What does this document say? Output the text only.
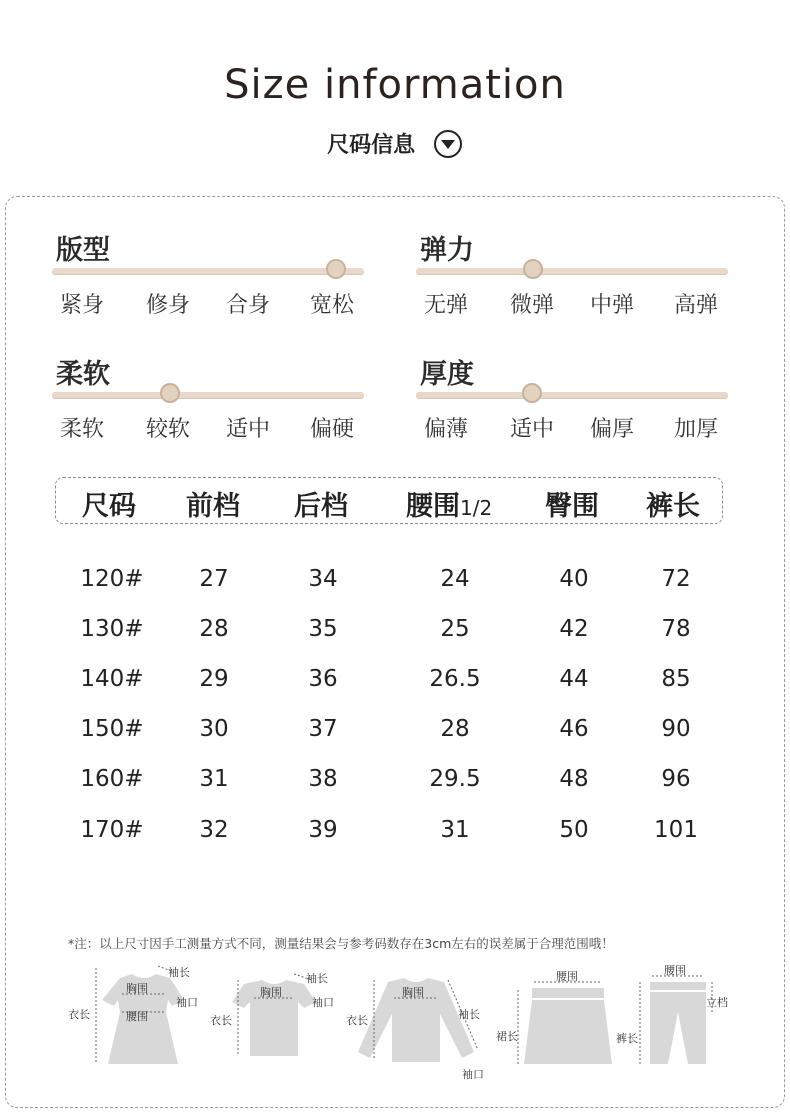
Size information
尺码信息
版型
紧身 修身 合身 宽松
弹力
无弹 微弹 中弹 高弹
柔软
柔软 较软 适中 偏硬
厚度
偏薄 适中 偏厚 加厚
尺码 前档 后档 腰围1/2 臀围 裤长
120#	27	34	24	40	72
130#	28	35	25	42	78
140#	29	36	26.5	44	85
150#	30	37	28	46	90
160#	31	38	29.5	48	96
170#	32	39	31	50	101
*注：以上尺寸因手工测量方式不同，测量结果会与参考码数存在3cm左右的误差属于合理范围哦！
胸围
腰围
袖长
袖口
衣长
胸围
袖长
袖口
衣长
胸围
袖长
衣长
袖口
腰围
裙长
腰围
立档
裤长
